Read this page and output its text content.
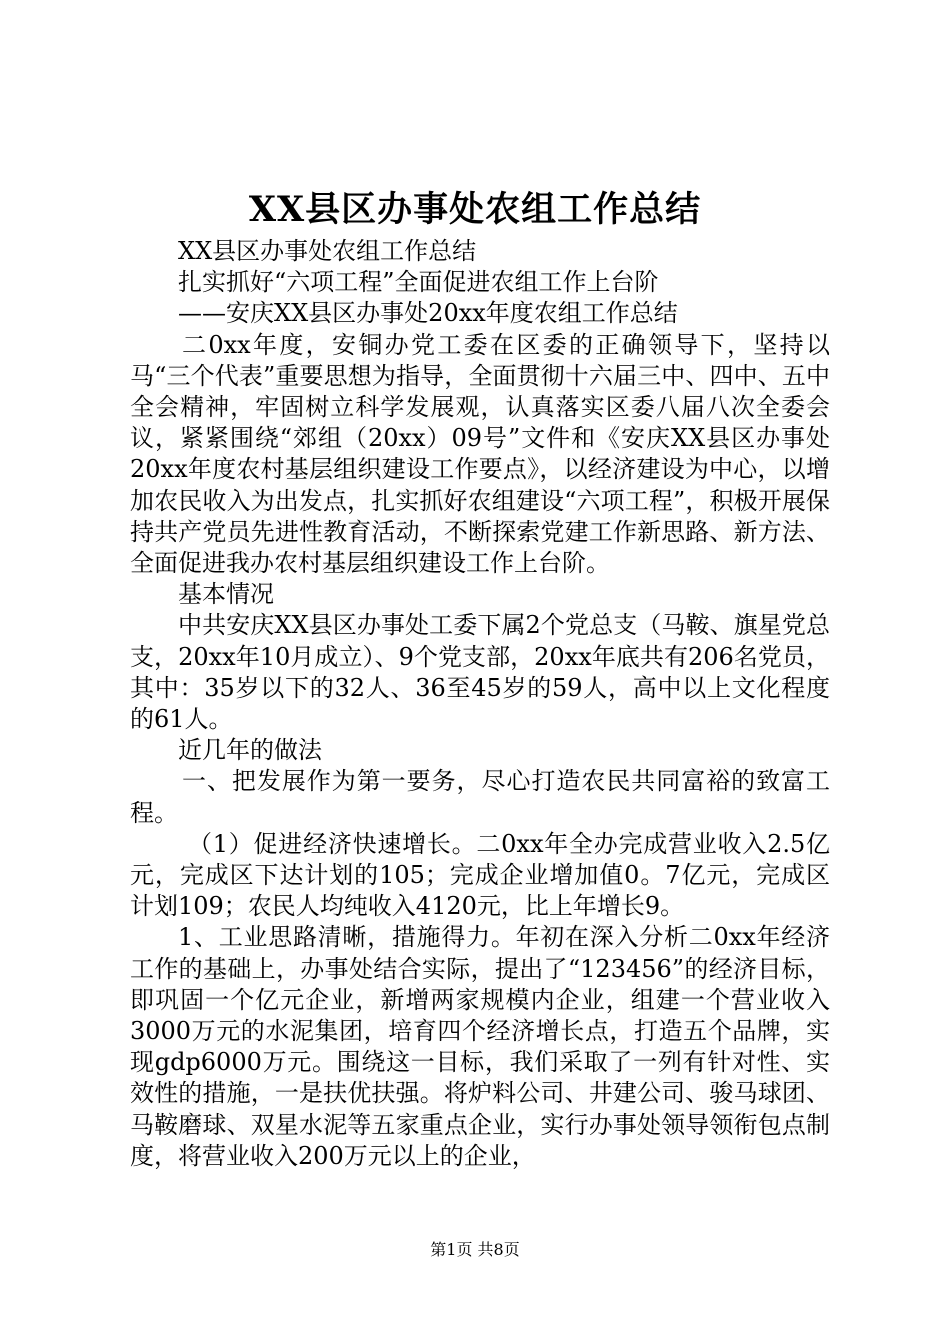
XX县区办事处农组工作总结

XX县区办事处农组工作总结

扎实抓好“六项工程”全面促进农组工作上台阶

——安庆XX县区办事处20xx年度农组工作总结

二0xx年度，安铜办党工委在区委的正确领导下，坚持以马“三个代表”重要思想为指导，全面贯彻十六届三中、四中、五中全会精神，牢固树立科学发展观，认真落实区委八届八次全委会议，紧紧围绕“郊组（20xx）09号”文件和《安庆XX县区办事处20xx年度农村基层组织建设工作要点》，以经济建设为中心，以增加农民收入为出发点，扎实抓好农组建设“六项工程”，积极开展保持共产党员先进性教育活动，不断探索党建工作新思路、新方法、全面促进我办农村基层组织建设工作上台阶。

基本情况

中共安庆XX县区办事处工委下属2个党总支（马鞍、旗星党总支，20xx年10月成立）、9个党支部，20xx年底共有206名党员，其中：35岁以下的32人、36至45岁的59人，高中以上文化程度的61人。

近几年的做法

一、把发展作为第一要务，尽心打造农民共同富裕的致富工程。

（1）促进经济快速增长。二0xx年全办完成营业收入2.5亿元，完成区下达计划的105；完成企业增加值0。7亿元，完成区计划109；农民人均纯收入4120元，比上年增长9。

1、工业思路清晰，措施得力。年初在深入分析二0xx年经济工作的基础上，办事处结合实际，提出了“123456”的经济目标，即巩固一个亿元企业，新增两家规模内企业，组建一个营业收入3000万元的水泥集团，培育四个经济增长点，打造五个品牌，实现gdp6000万元。围绕这一目标，我们采取了一列有针对性、实效性的措施，一是扶优扶强。将炉料公司、井建公司、骏马球团、马鞍磨球、双星水泥等五家重点企业，实行办事处领导领衔包点制度，将营业收入200万元以上的企业，

第1页 共8页
